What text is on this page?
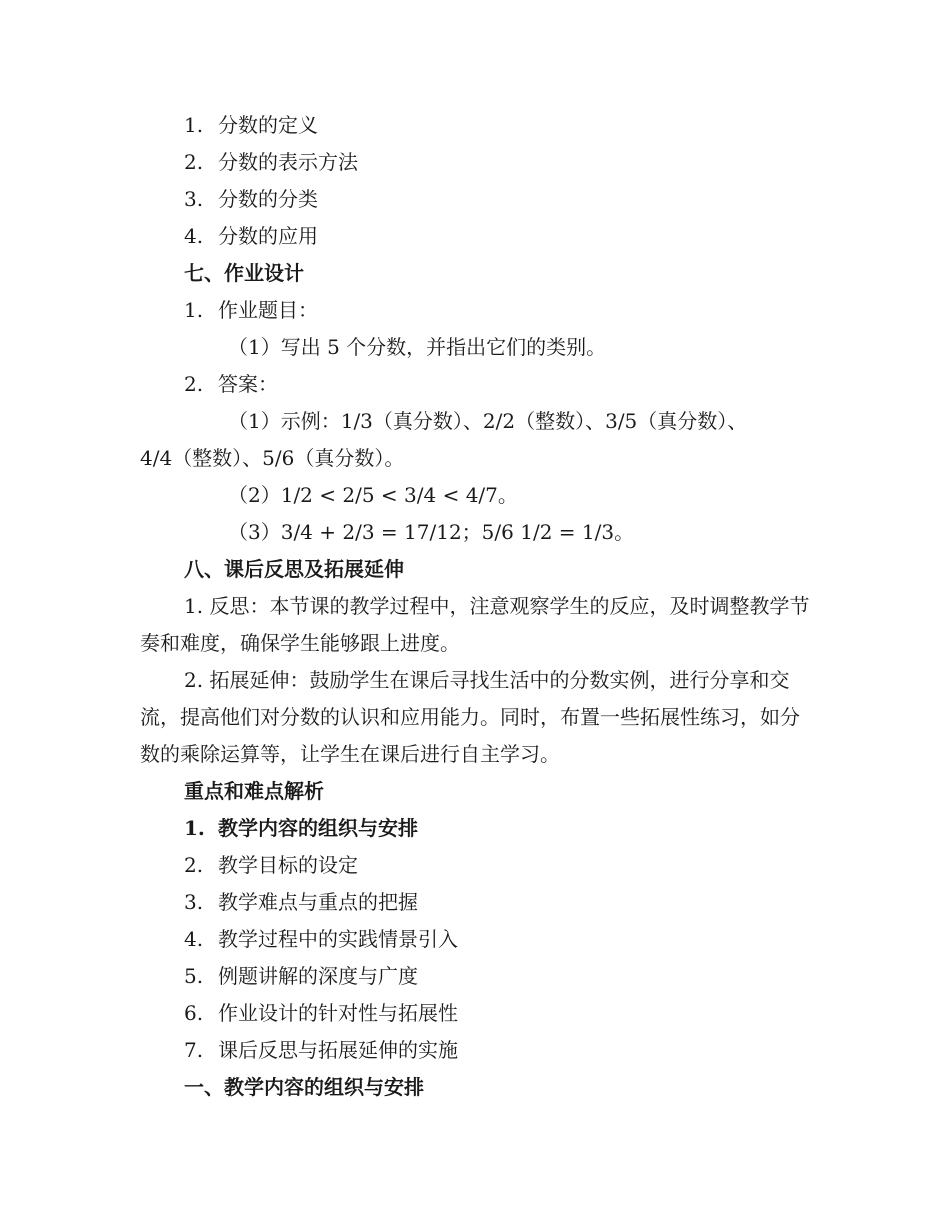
1. 分数的定义
2. 分数的表示方法
3. 分数的分类
4. 分数的应用
七、作业设计
1. 作业题目：
（1）写出 5 个分数，并指出它们的类别。
2. 答案：
（1）示例：1/3（真分数）、2/2（整数）、3/5（真分数）、
4/4（整数）、5/6（真分数）。
（2）1/2 < 2/5 < 3/4 < 4/7。
（3）3/4 + 2/3 = 17/12；5/6 1/2 = 1/3。
八、课后反思及拓展延伸
1. 反思：本节课的教学过程中，注意观察学生的反应，及时调整教学节奏和难度，确保学生能够跟上进度。
2. 拓展延伸：鼓励学生在课后寻找生活中的分数实例，进行分享和交流，提高他们对分数的认识和应用能力。同时，布置一些拓展性练习，如分数的乘除运算等，让学生在课后进行自主学习。
重点和难点解析
1. 教学内容的组织与安排
2. 教学目标的设定
3. 教学难点与重点的把握
4. 教学过程中的实践情景引入
5. 例题讲解的深度与广度
6. 作业设计的针对性与拓展性
7. 课后反思与拓展延伸的实施
一、教学内容的组织与安排
